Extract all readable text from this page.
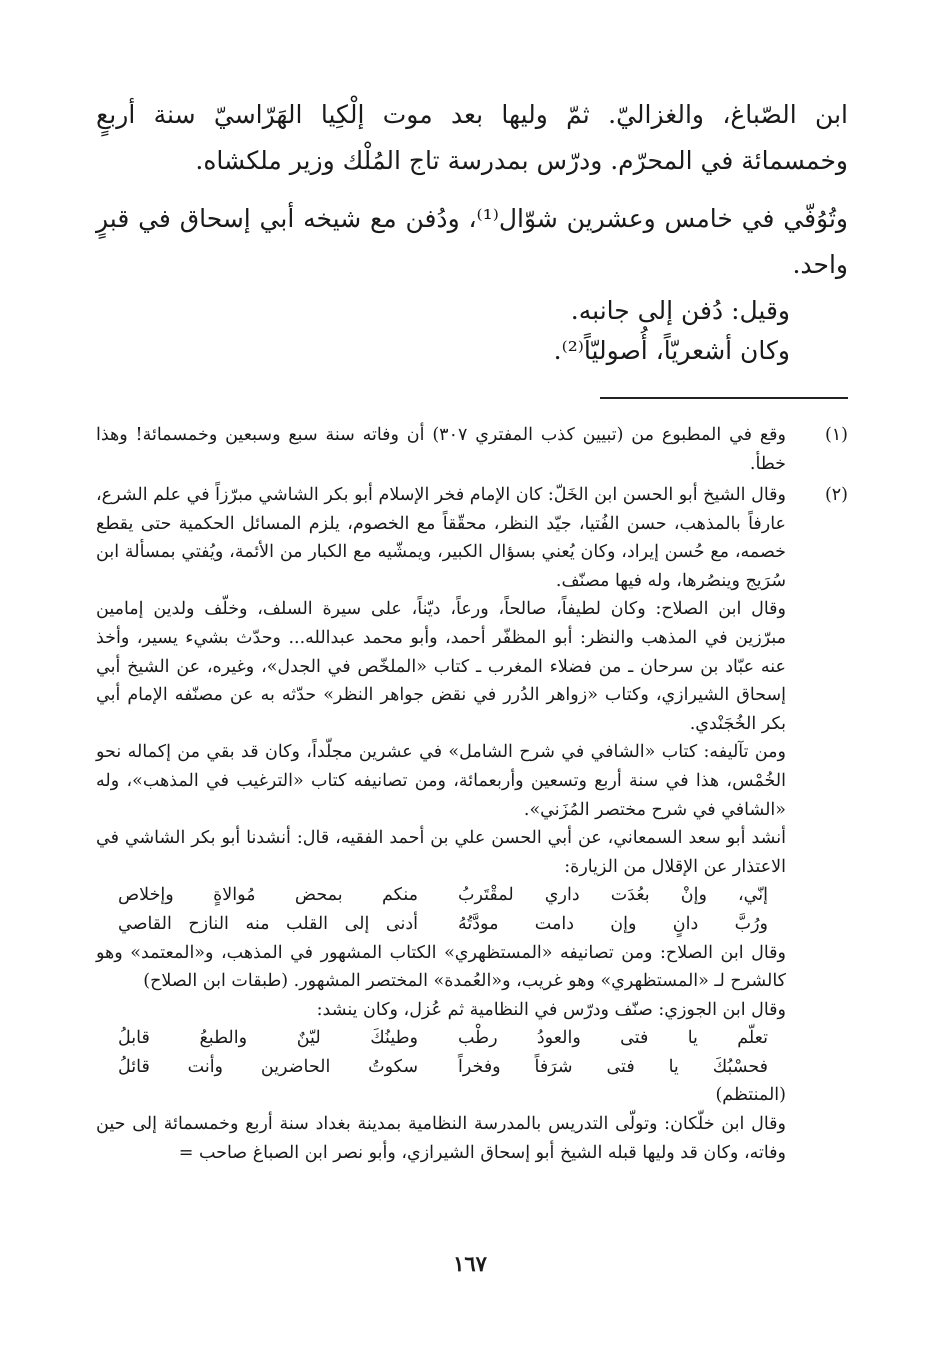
ابن الصّباغ، والغزاليّ. ثمّ وليها بعد موت إلْكِيا الهَرّاسيّ سنة أربعٍ وخمسمائة في المحرّم. ودرّس بمدرسة تاج المُلْك وزير ملكشاه.

وتُوُفّي في خامس وعشرين شوّال⁽¹⁾، ودُفن مع شيخه أبي إسحاق في قبرٍ واحد.

وقيل: دُفن إلى جانبه.

وكان أشعريّاً، أُصوليّاً⁽²⁾.

(١)

وقع في المطبوع من (تبيين كذب المفتري ٣٠٧) أن وفاته سنة سبع وسبعين وخمسمائة! وهذا خطأ.

(٢)

وقال الشيخ أبو الحسن ابن الخَلّ: كان الإمام فخر الإسلام أبو بكر الشاشي مبرّزاً في علم الشرع، عارفاً بالمذهب، حسن الفُتيا، جيّد النظر، محقّقاً مع الخصوم، يلزم المسائل الحكمية حتى يقطع خصمه، مع حُسن إيراد، وكان يُعني بسؤال الكبير، ويمشّيه مع الكبار من الأئمة، ويُفتي بمسألة ابن سُرَيج وينصُرها، وله فيها مصنّف.

وقال ابن الصلاح: وكان لطيفاً، صالحاً، ورعاً، ديّناً، على سيرة السلف، وخلّف ولدين إمامين مبرّزين في المذهب والنظر: أبو المظفّر أحمد، وأبو محمد عبدالله... وحدّث بشيء يسير، وأخذ عنه عبّاد بن سرحان ـ من فضلاء المغرب ـ كتاب «الملخّص في الجدل»، وغيره، عن الشيخ أبي إسحاق الشيرازي، وكتاب «زواهر الدُرر في نقض جواهر النظر» حدّثه به عن مصنّفه الإمام أبي بكر الخُجَنْدي.

ومن تآليفه: كتاب «الشافي في شرح الشامل» في عشرين مجلّداً، وكان قد بقي من إكماله نحو الخُمْس، هذا في سنة أربع وتسعين وأربعمائة، ومن تصانيفه كتاب «الترغيب في المذهب»، وله «الشافي في شرح مختصر المُزَني».

أنشد أبو سعد السمعاني، عن أبي الحسن علي بن أحمد الفقيه، قال: أنشدنا أبو بكر الشاشي في الاعتذار عن الإقلال من الزيارة:

إنّي، وإنْ بعُدَت داري لمقْتَربُ
منكم بمحض مُوالاةٍ وإخلاص
ورُبَّ دانٍ وإن دامت مودَّتُهُ
أدنى إلى القلب منه النازح القاصي

وقال ابن الصلاح: ومن تصانيفه «المستظهري» الكتاب المشهور في المذهب، و«المعتمد» وهو كالشرح لـ «المستظهري» وهو غريب، و«العُمدة» المختصر المشهور. (طبقات ابن الصلاح)

وقال ابن الجوزي: صنّف ودرّس في النظامية ثم عُزل، وكان ينشد:

تعلّم يا فتى والعودُ رطْب
وطينُكَ ليّنٌ والطبعُ قابلُ
فحسْبُكَ يا فتى شرَفاً وفخراً
سكوتُ الحاضرين وأنت قائلُ

(المنتظم)

وقال ابن خلّكان: وتولّى التدريس بالمدرسة النظامية بمدينة بغداد سنة أربع وخمسمائة إلى حين وفاته، وكان قد وليها قبله الشيخ أبو إسحاق الشيرازي، وأبو نصر ابن الصباغ صاحب =

١٦٧
